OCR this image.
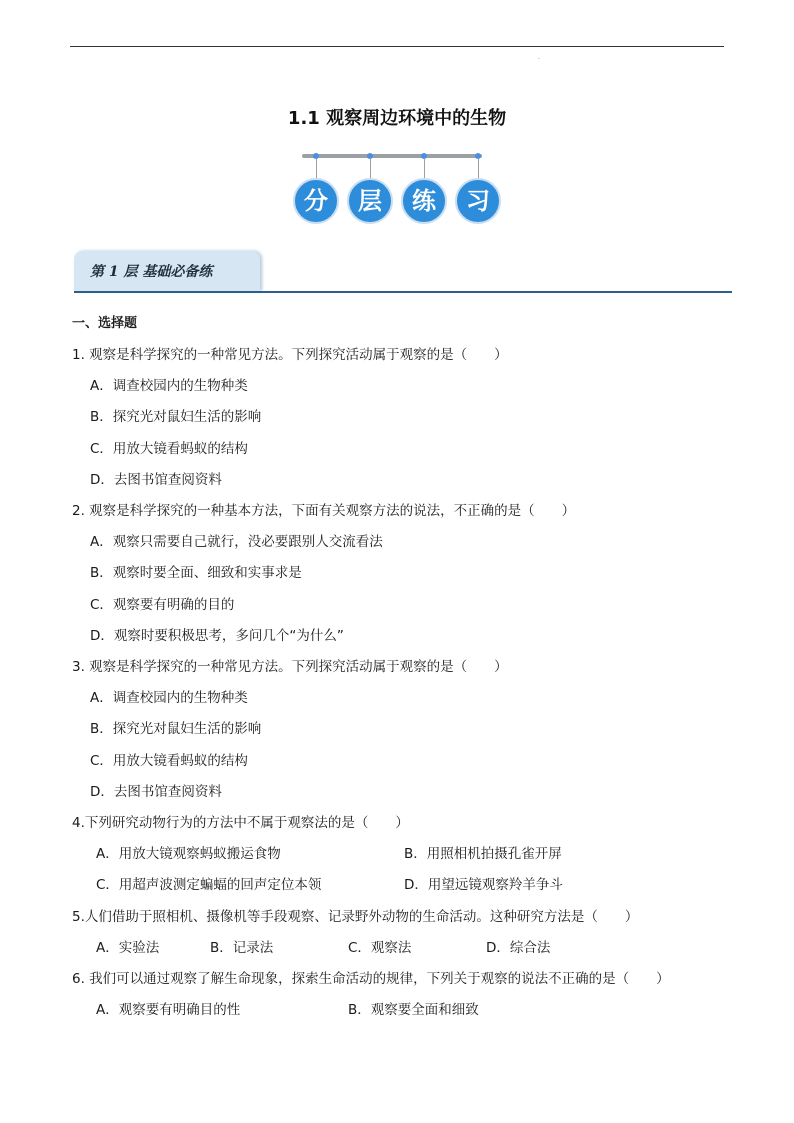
·
1.1 观察周边环境中的生物
分	层	练	习
第 1 层 基础必备练
一、选择题
1. 观察是科学探究的一种常见方法。下列探究活动属于观察的是（　　）
A．调查校园内的生物种类
B．探究光对鼠妇生活的影响
C．用放大镜看蚂蚁的结构
D．去图书馆查阅资料
2. 观察是科学探究的一种基本方法，下面有关观察方法的说法，不正确的是（　　）
A．观察只需要自己就行，没必要跟别人交流看法
B．观察时要全面、细致和实事求是
C．观察要有明确的目的
D．观察时要积极思考，多问几个“为什么”
3. 观察是科学探究的一种常见方法。下列探究活动属于观察的是（　　）
A．调查校园内的生物种类
B．探究光对鼠妇生活的影响
C．用放大镜看蚂蚁的结构
D．去图书馆查阅资料
4.下列研究动物行为的方法中不属于观察法的是（　　）
A．用放大镜观察蚂蚁搬运食物	B．用照相机拍摄孔雀开屏
C．用超声波测定蝙蝠的回声定位本领	D．用望远镜观察羚羊争斗
5.人们借助于照相机、摄像机等手段观察、记录野外动物的生命活动。这种研究方法是（　　）
A．实验法	B．记录法	C．观察法	D．综合法
6. 我们可以通过观察了解生命现象，探索生命活动的规律，下列关于观察的说法不正确的是（　　）
A．观察要有明确目的性	B．观察要全面和细致
